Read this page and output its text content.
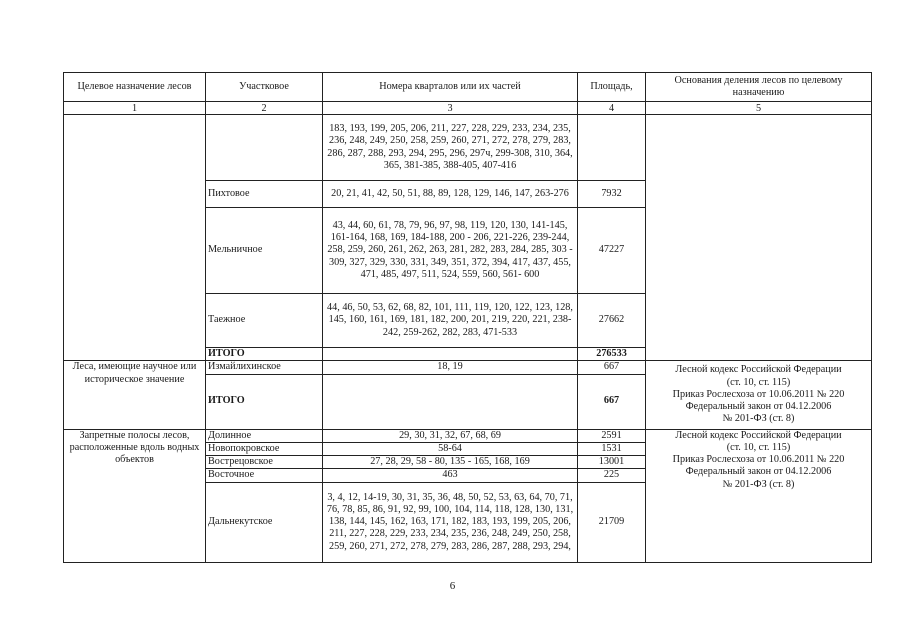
Целевое назначение лесов	Участковое	Номера кварталов или их частей	Площадь,	Основания деления лесов по целевому назначению
1	2	3	4	5
		183, 193, 199, 205, 206, 211, 227, 228, 229, 233, 234, 235, 236, 248, 249, 250, 258, 259, 260, 271, 272, 278, 279, 283, 286, 287, 288, 293, 294, 295, 296, 297ч, 299-308, 310, 364, 365, 381-385, 388-405, 407-416		
	Пихтовое	20, 21, 41, 42, 50, 51, 88, 89, 128, 129, 146, 147, 263-276	7932	
	Мельничное	43, 44, 60, 61, 78, 79, 96, 97, 98, 119, 120, 130, 141-145, 161-164, 168, 169, 184-188, 200 - 206, 221-226, 239-244, 258, 259, 260, 261, 262, 263, 281, 282, 283, 284, 285, 303 - 309, 327, 329, 330, 331, 349, 351, 372, 394, 417, 437, 455, 471, 485, 497, 511, 524, 559, 560, 561- 600	47227	
	Таежное	44, 46, 50, 53, 62, 68, 82, 101, 111, 119, 120, 122, 123, 128, 145, 160, 161, 169, 181, 182, 200, 201, 219, 220, 221, 238-242, 259-262, 282, 283, 471-533	27662	
	ИТОГО		276533	
Леса, имеющие научное или историческое значение	Измайлихинское	18, 19	667	Лесной кодекс Российской Федерации
(ст. 10, ст. 115)
Приказ Рослесхоза от 10.06.2011 № 220
Федеральный закон от 04.12.2006
№ 201-ФЗ (ст. 8)

	ИТОГО		667	
Запретные полосы лесов, расположенные вдоль водных объектов	Долинное	29, 30, 31, 32, 67, 68, 69	2591	Лесной кодекс Российской Федерации
(ст. 10, ст. 115)
Приказ Рослесхоза от 10.06.2011 № 220
Федеральный закон от 04.12.2006
№ 201-ФЗ (ст. 8)

	Новопокровское	58-64	1531	
	Вострецовское	27, 28, 29, 58 - 80, 135 - 165, 168, 169	13001	
	Восточное	463	225	
	Дальнекутское	3, 4, 12, 14-19, 30, 31, 35, 36, 48, 50, 52, 53, 63, 64, 70, 71, 76, 78, 85, 86, 91, 92, 99, 100, 104, 114, 118, 128, 130, 131, 138, 144, 145, 162, 163, 171, 182, 183, 193, 199, 205, 206, 211, 227, 228, 229, 233, 234, 235, 236, 248, 249, 250, 258, 259, 260, 271, 272, 278, 279, 283, 286, 287, 288, 293, 294,	21709	
6
